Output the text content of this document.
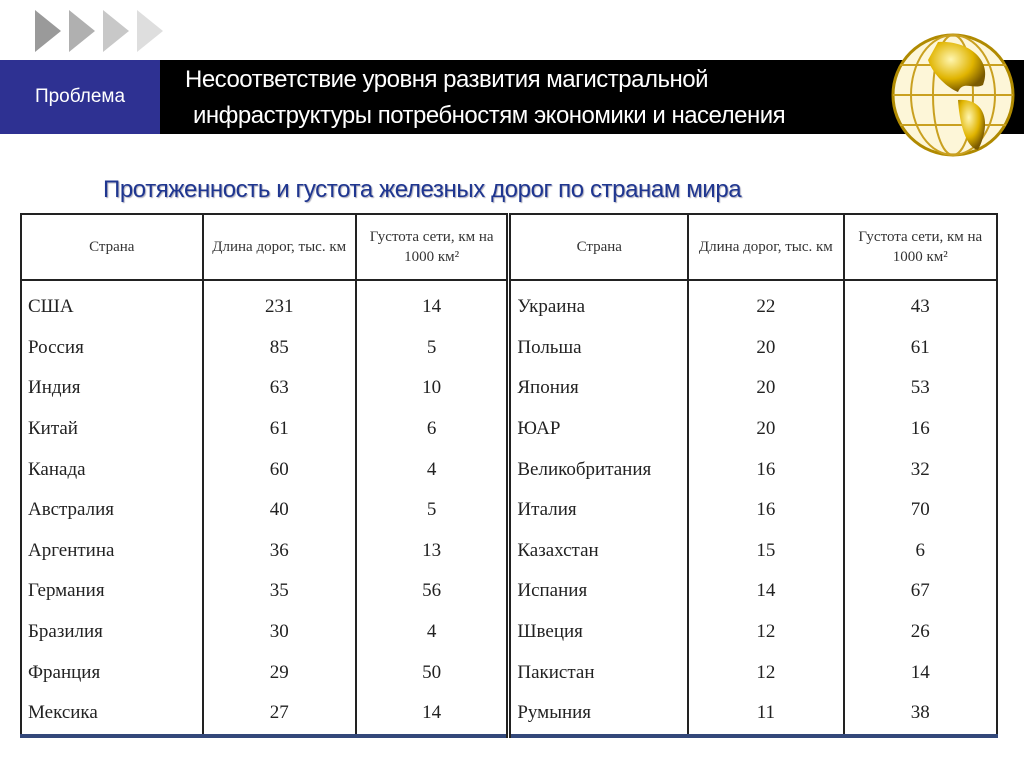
Проблема
Несоответствие уровня развития магистральной
инфраструктуры потребностям экономики и населения
Протяженность и густота железных дорог по странам мира
Страна	Длина дорог, тыс. км	Густота сети, км на 1000 км²	Страна	Длина дорог, тыс. км	Густота сети, км на 1000 км²
США	231	14	Украина	22	43
Россия	85	5	Польша	20	61
Индия	63	10	Япония	20	53
Китай	61	6	ЮАР	20	16
Канада	60	4	Великобритания	16	32
Австралия	40	5	Италия	16	70
Аргентина	36	13	Казахстан	15	6
Германия	35	56	Испания	14	67
Бразилия	30	4	Швеция	12	26
Франция	29	50	Пакистан	12	14
Мексика	27	14	Румыния	11	38
